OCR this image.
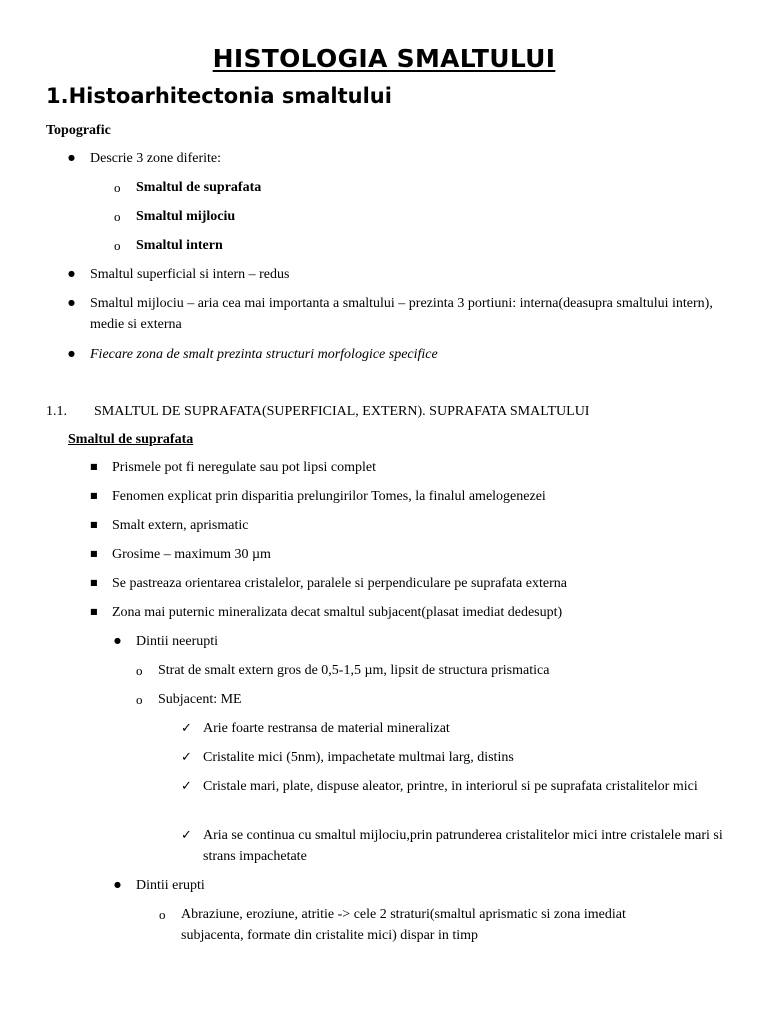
HISTOLOGIA SMALTULUI
1.Histoarhitectonia smaltului
Topografic
●
Descrie 3 zone diferite:
o
Smaltul de suprafata
o
Smaltul mijlociu
o
Smaltul intern
●
Smaltul superficial si intern – redus
●
Smaltul mijlociu – aria cea mai importanta a smaltului – prezinta 3 portiuni: interna(deasupra smaltului intern), medie si externa
●
Fiecare zona de smalt prezinta structuri morfologice specifice
1.1. SMALTUL DE SUPRAFATA(SUPERFICIAL, EXTERN). SUPRAFATA SMALTULUI
Smaltul de suprafata
■
Prismele pot fi neregulate sau pot lipsi complet
■
Fenomen explicat prin disparitia prelungirilor Tomes, la finalul amelogenezei
■
Smalt extern, aprismatic
■
Grosime – maximum 30 µm
■
Se pastreaza orientarea cristalelor, paralele si perpendiculare pe suprafata externa
■
Zona mai puternic mineralizata decat smaltul subjacent(plasat imediat dedesupt)
●
Dintii neerupti
o
Strat de smalt extern gros de 0,5-1,5 µm, lipsit de structura prismatica
o
Subjacent: ME
✓
Arie foarte restransa de material mineralizat
✓
Cristalite mici (5nm), impachetate multmai larg, distins
✓
Cristale mari, plate, dispuse aleator, printre, in interiorul si pe suprafata cristalitelor mici
✓
Aria se continua cu smaltul mijlociu,prin patrunderea cristalitelor mici intre cristalele mari si strans impachetate
●
Dintii erupti
o
Abraziune, eroziune, atritie -> cele 2 straturi(smaltul aprismatic si zona imediat subjacenta, formate din cristalite mici) dispar in timp
